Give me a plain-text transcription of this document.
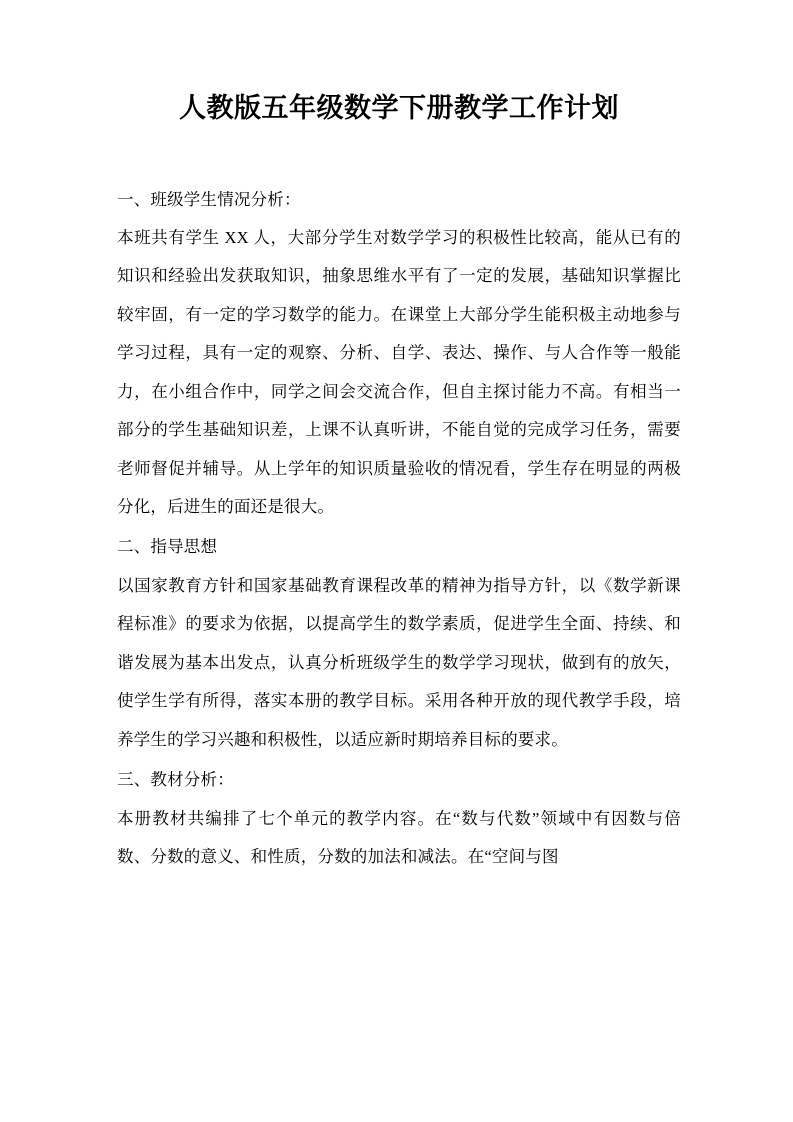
人教版五年级数学下册教学工作计划

一、班级学生情况分析：

本班共有学生 XX 人，大部分学生对数学学习的积极性比较高，能从已有的知识和经验出发获取知识，抽象思维水平有了一定的发展，基础知识掌握比较牢固，有一定的学习数学的能力。在课堂上大部分学生能积极主动地参与学习过程，具有一定的观察、分析、自学、表达、操作、与人合作等一般能力，在小组合作中，同学之间会交流合作，但自主探讨能力不高。有相当一部分的学生基础知识差，上课不认真听讲，不能自觉的完成学习任务，需要老师督促并辅导。从上学年的知识质量验收的情况看，学生存在明显的两极分化，后进生的面还是很大。

二、指导思想

以国家教育方针和国家基础教育课程改革的精神为指导方针，以《数学新课程标准》的要求为依据，以提高学生的数学素质，促进学生全面、持续、和谐发展为基本出发点，认真分析班级学生的数学学习现状，做到有的放矢，使学生学有所得，落实本册的教学目标。采用各种开放的现代教学手段，培养学生的学习兴趣和积极性，以适应新时期培养目标的要求。

三、教材分析：

本册教材共编排了七个单元的教学内容。在“数与代数”领域中有因数与倍数、分数的意义、和性质，分数的加法和减法。在“空间与图
